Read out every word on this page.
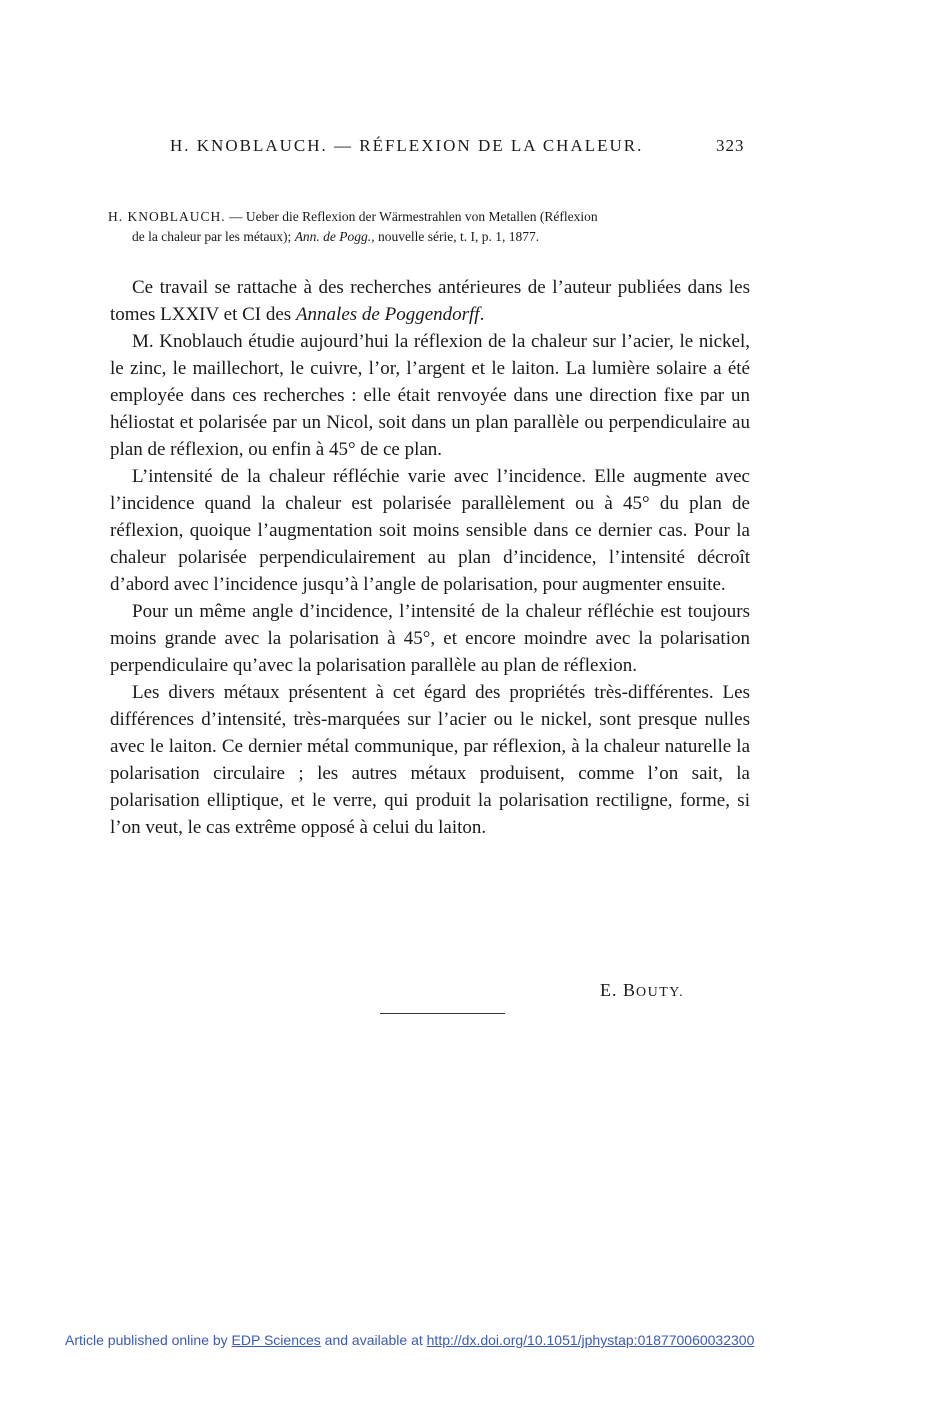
H. KNOBLAUCH. — RÉFLEXION DE LA CHALEUR.	323
H. KNOBLAUCH. — Ueber die Reflexion der Wärmestrahlen von Metallen (Réflexion
de la chaleur par les métaux); Ann. de Pogg., nouvelle série, t. I, p. 1, 1877.

Ce travail se rattache à des recherches antérieures de l’auteur publiées dans les tomes LXXIV et CI des Annales de Poggendorff.

M. Knoblauch étudie aujourd’hui la réflexion de la chaleur sur l’acier, le nickel, le zinc, le maillechort, le cuivre, l’or, l’argent et le laiton. La lumière solaire a été employée dans ces recherches : elle était renvoyée dans une direction fixe par un héliostat et polarisée par un Nicol, soit dans un plan parallèle ou perpendiculaire au plan de réflexion, ou enfin à 45° de ce plan.

L’intensité de la chaleur réfléchie varie avec l’incidence. Elle augmente avec l’incidence quand la chaleur est polarisée parallèlement ou à 45° du plan de réflexion, quoique l’augmentation soit moins sensible dans ce dernier cas. Pour la chaleur polarisée perpendiculairement au plan d’incidence, l’intensité décroît d’abord avec l’incidence jusqu’à l’angle de polarisation, pour augmenter ensuite.

Pour un même angle d’incidence, l’intensité de la chaleur réfléchie est toujours moins grande avec la polarisation à 45°, et encore moindre avec la polarisation perpendiculaire qu’avec la polarisation parallèle au plan de réflexion.

Les divers métaux présentent à cet égard des propriétés très-différentes. Les différences d’intensité, très-marquées sur l’acier ou le nickel, sont presque nulles avec le laiton. Ce dernier métal communique, par réflexion, à la chaleur naturelle la polarisation circulaire ; les autres métaux produisent, comme l’on sait, la polarisation elliptique, et le verre, qui produit la polarisation rectiligne, forme, si l’on veut, le cas extrême opposé à celui du laiton.

E. BOUTY.
Article published online by EDP Sciences and available at http://dx.doi.org/10.1051/jphystap:018770060032300
